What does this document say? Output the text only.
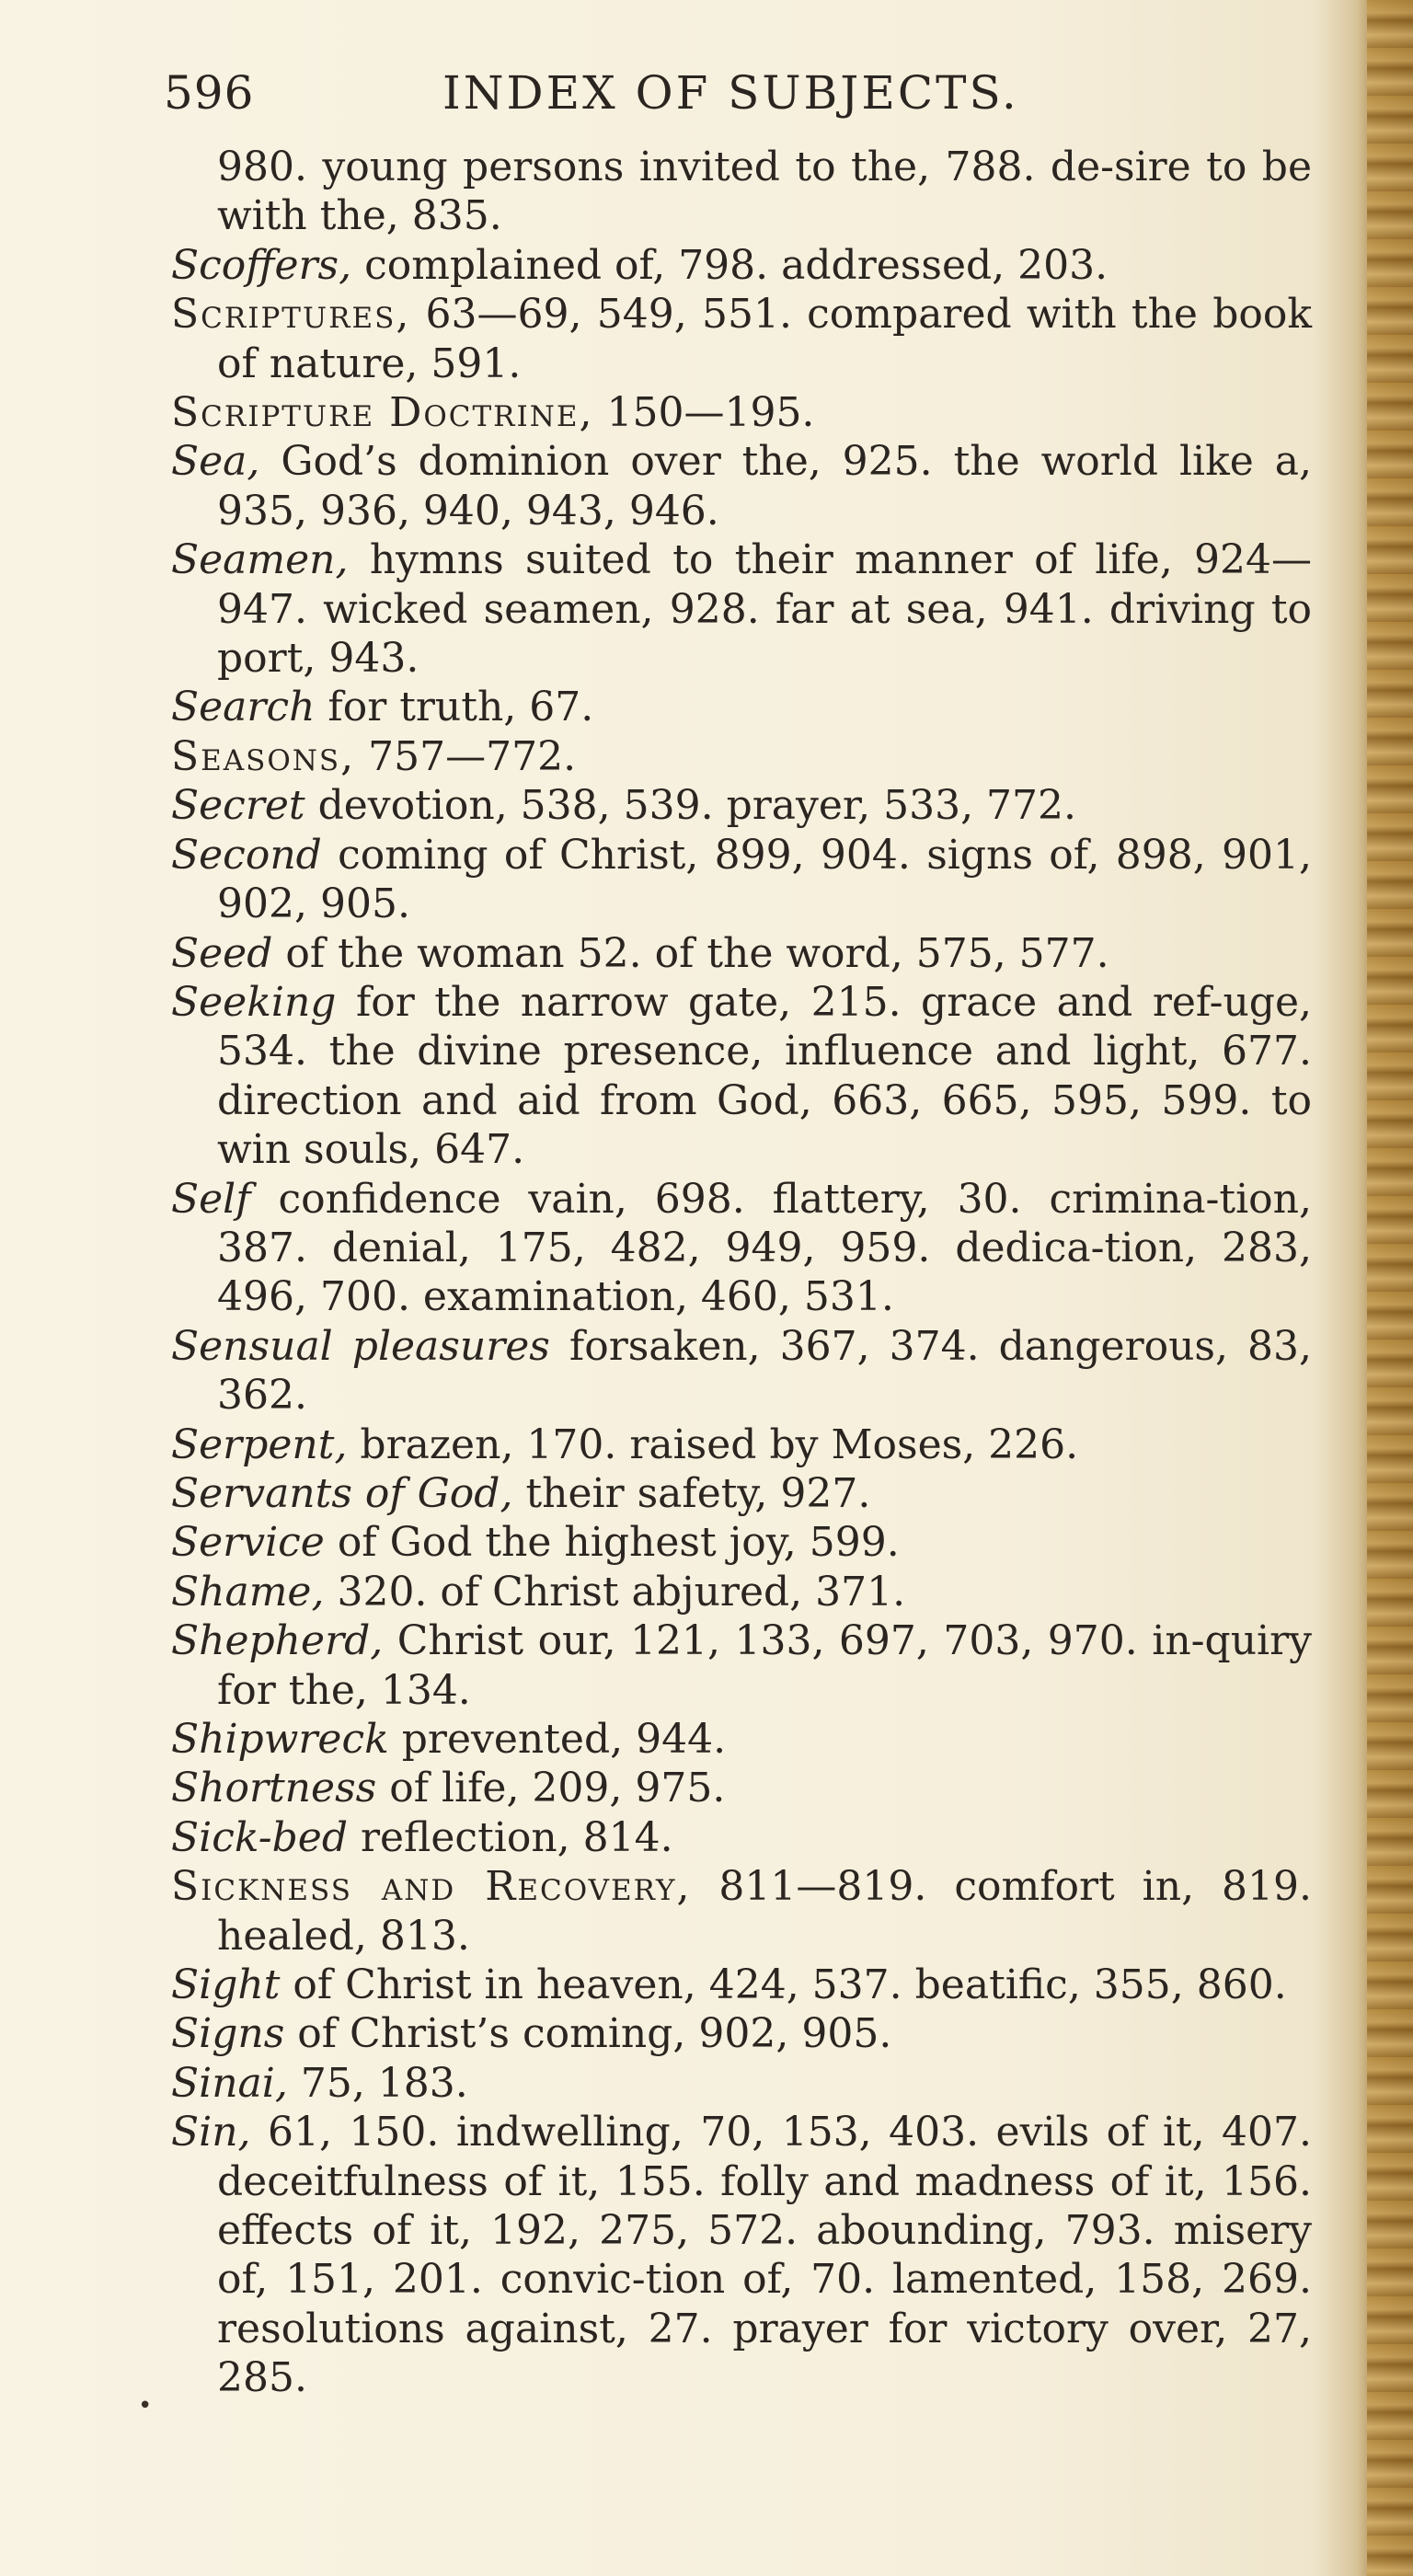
596	INDEX OF SUBJECTS.

980. young persons invited to the, 788. de-sire to be with the, 835.

Scoffers, complained of, 798. addressed, 203.

Scriptures, 63—69, 549, 551. compared with the book of nature, 591.

Scripture Doctrine, 150—195.

Sea, God’s dominion over the, 925. the world like a, 935, 936, 940, 943, 946.

Seamen, hymns suited to their manner of life, 924—947. wicked seamen, 928. far at sea, 941. driving to port, 943.

Search for truth, 67.

Seasons, 757—772.

Secret devotion, 538, 539. prayer, 533, 772.

Second coming of Christ, 899, 904. signs of, 898, 901, 902, 905.

Seed of the woman 52. of the word, 575, 577.

Seeking for the narrow gate, 215. grace and ref-uge, 534. the divine presence, influence and light, 677. direction and aid from God, 663, 665, 595, 599. to win souls, 647.

Self confidence vain, 698. flattery, 30. crimina-tion, 387. denial, 175, 482, 949, 959. dedica-tion, 283, 496, 700. examination, 460, 531.

Sensual pleasures forsaken, 367, 374. dangerous, 83, 362.

Serpent, brazen, 170. raised by Moses, 226.

Servants of God, their safety, 927.

Service of God the highest joy, 599.

Shame, 320. of Christ abjured, 371.

Shepherd, Christ our, 121, 133, 697, 703, 970. in-quiry for the, 134.

Shipwreck prevented, 944.

Shortness of life, 209, 975.

Sick-bed reflection, 814.

Sickness and Recovery, 811—819. comfort in, 819. healed, 813.

Sight of Christ in heaven, 424, 537. beatific, 355, 860.

Signs of Christ’s coming, 902, 905.

Sinai, 75, 183.

Sin, 61, 150. indwelling, 70, 153, 403. evils of it, 407. deceitfulness of it, 155. folly and madness of it, 156. effects of it, 192, 275, 572. abounding, 793. misery of, 151, 201. convic-tion of, 70. lamented, 158, 269. resolutions against, 27. prayer for victory over, 27, 285.

•
